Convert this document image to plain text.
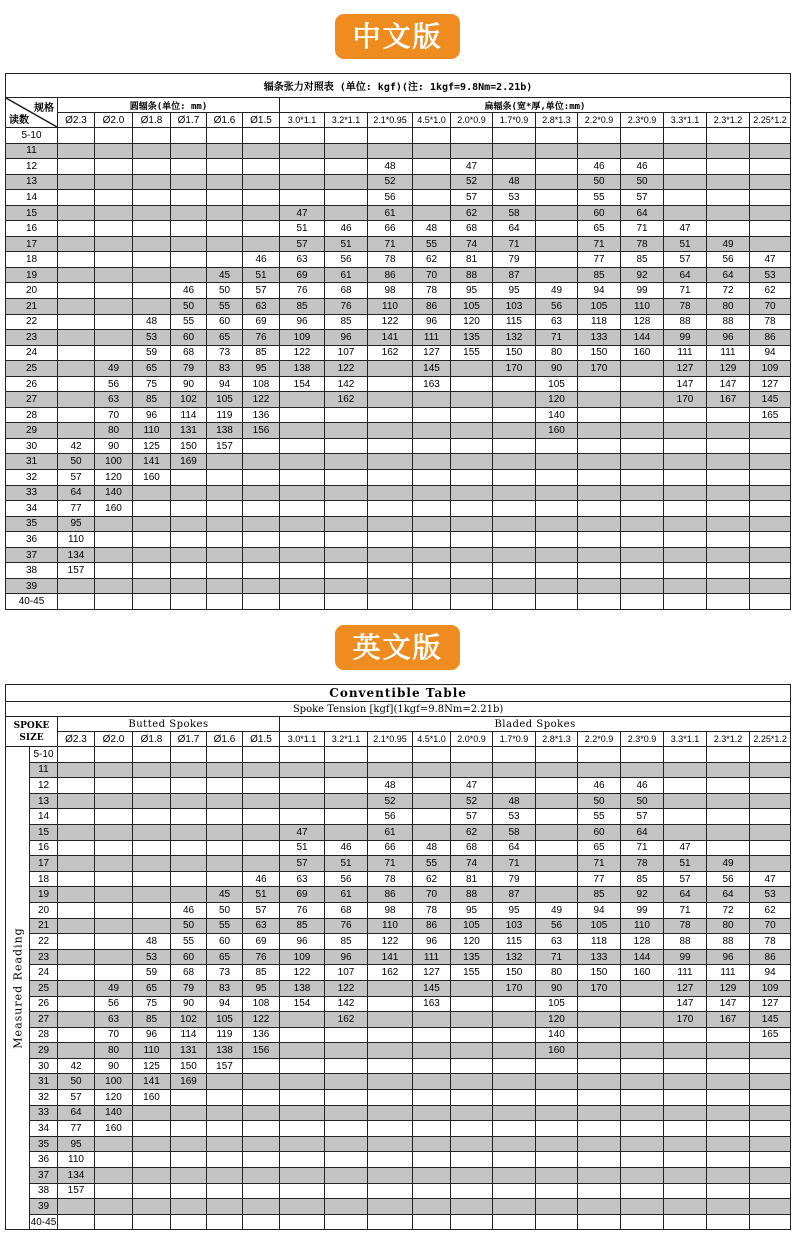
中文版
辐条张力对照表 (单位: kgf)(注: 1kgf=9.8Nm=2.21b)																		

规格
读数	圆辐条(单位: mm)						扁辐条(宽*厚,单位:mm)											
	Ø2.3	Ø2.0	Ø1.8	Ø1.7	Ø1.6	Ø1.5	3.0*1.1	3.2*1.1	2.1*0.95	4.5*1.0	2.0*0.9	1.7*0.9	2.8*1.3	2.2*0.9	2.3*0.9	3.3*1.1	2.3*1.2	2.25*1.2
5-10																		
11																		
12									48		47			46	46			
13									52		52	48		50	50			
14									56		57	53		55	57			
15							47		61		62	58		60	64			
16							51	46	66	48	68	64		65	71	47		
17							57	51	71	55	74	71		71	78	51	49	
18						46	63	56	78	62	81	79		77	85	57	56	47
19					45	51	69	61	86	70	88	87		85	92	64	64	53
20				46	50	57	76	68	98	78	95	95	49	94	99	71	72	62
21				50	55	63	85	76	110	86	105	103	56	105	110	78	80	70
22			48	55	60	69	96	85	122	96	120	115	63	118	128	88	88	78
23			53	60	65	76	109	96	141	111	135	132	71	133	144	99	96	86
24			59	68	73	85	122	107	162	127	155	150	80	150	160	111	111	94
25		49	65	79	83	95	138	122		145		170	90	170		127	129	109
26		56	75	90	94	108	154	142		163			105			147	147	127
27		63	85	102	105	122		162					120			170	167	145
28		70	96	114	119	136							140					165
29		80	110	131	138	156							160					
30	42	90	125	150	157													
31	50	100	141	169														
32	57	120	160															
33	64	140																
34	77	160																
35	95																	
36	110																	
37	134																	
38	157																	
39																		
40-45																		
英文版
Conventible Table																			
Spoke Tension [kgf](1kgf=9.8Nm=2.21b)																			
SPOKE
SIZE		Butted Spokes						Bladed Spokes											
		Ø2.3	Ø2.0	Ø1.8	Ø1.7	Ø1.6	Ø1.5	3.0*1.1	3.2*1.1	2.1*0.95	4.5*1.0	2.0*0.9	1.7*0.9	2.8*1.3	2.2*0.9	2.3*0.9	3.3*1.1	2.3*1.2	2.25*1.2

Measured Reading	5-10																		
	11																		
	12									48		47			46	46			
	13									52		52	48		50	50			
	14									56		57	53		55	57			
	15							47		61		62	58		60	64			
	16							51	46	66	48	68	64		65	71	47		
	17							57	51	71	55	74	71		71	78	51	49	
	18						46	63	56	78	62	81	79		77	85	57	56	47
	19					45	51	69	61	86	70	88	87		85	92	64	64	53
	20				46	50	57	76	68	98	78	95	95	49	94	99	71	72	62
	21				50	55	63	85	76	110	86	105	103	56	105	110	78	80	70
	22			48	55	60	69	96	85	122	96	120	115	63	118	128	88	88	78
	23			53	60	65	76	109	96	141	111	135	132	71	133	144	99	96	86
	24			59	68	73	85	122	107	162	127	155	150	80	150	160	111	111	94
	25		49	65	79	83	95	138	122		145		170	90	170		127	129	109
	26		56	75	90	94	108	154	142		163			105			147	147	127
	27		63	85	102	105	122		162					120			170	167	145
	28		70	96	114	119	136							140					165
	29		80	110	131	138	156							160					
	30	42	90	125	150	157													
	31	50	100	141	169														
	32	57	120	160															
	33	64	140																
	34	77	160																
	35	95																	
	36	110																	
	37	134																	
	38	157																	
	39																		
	40-45																		
